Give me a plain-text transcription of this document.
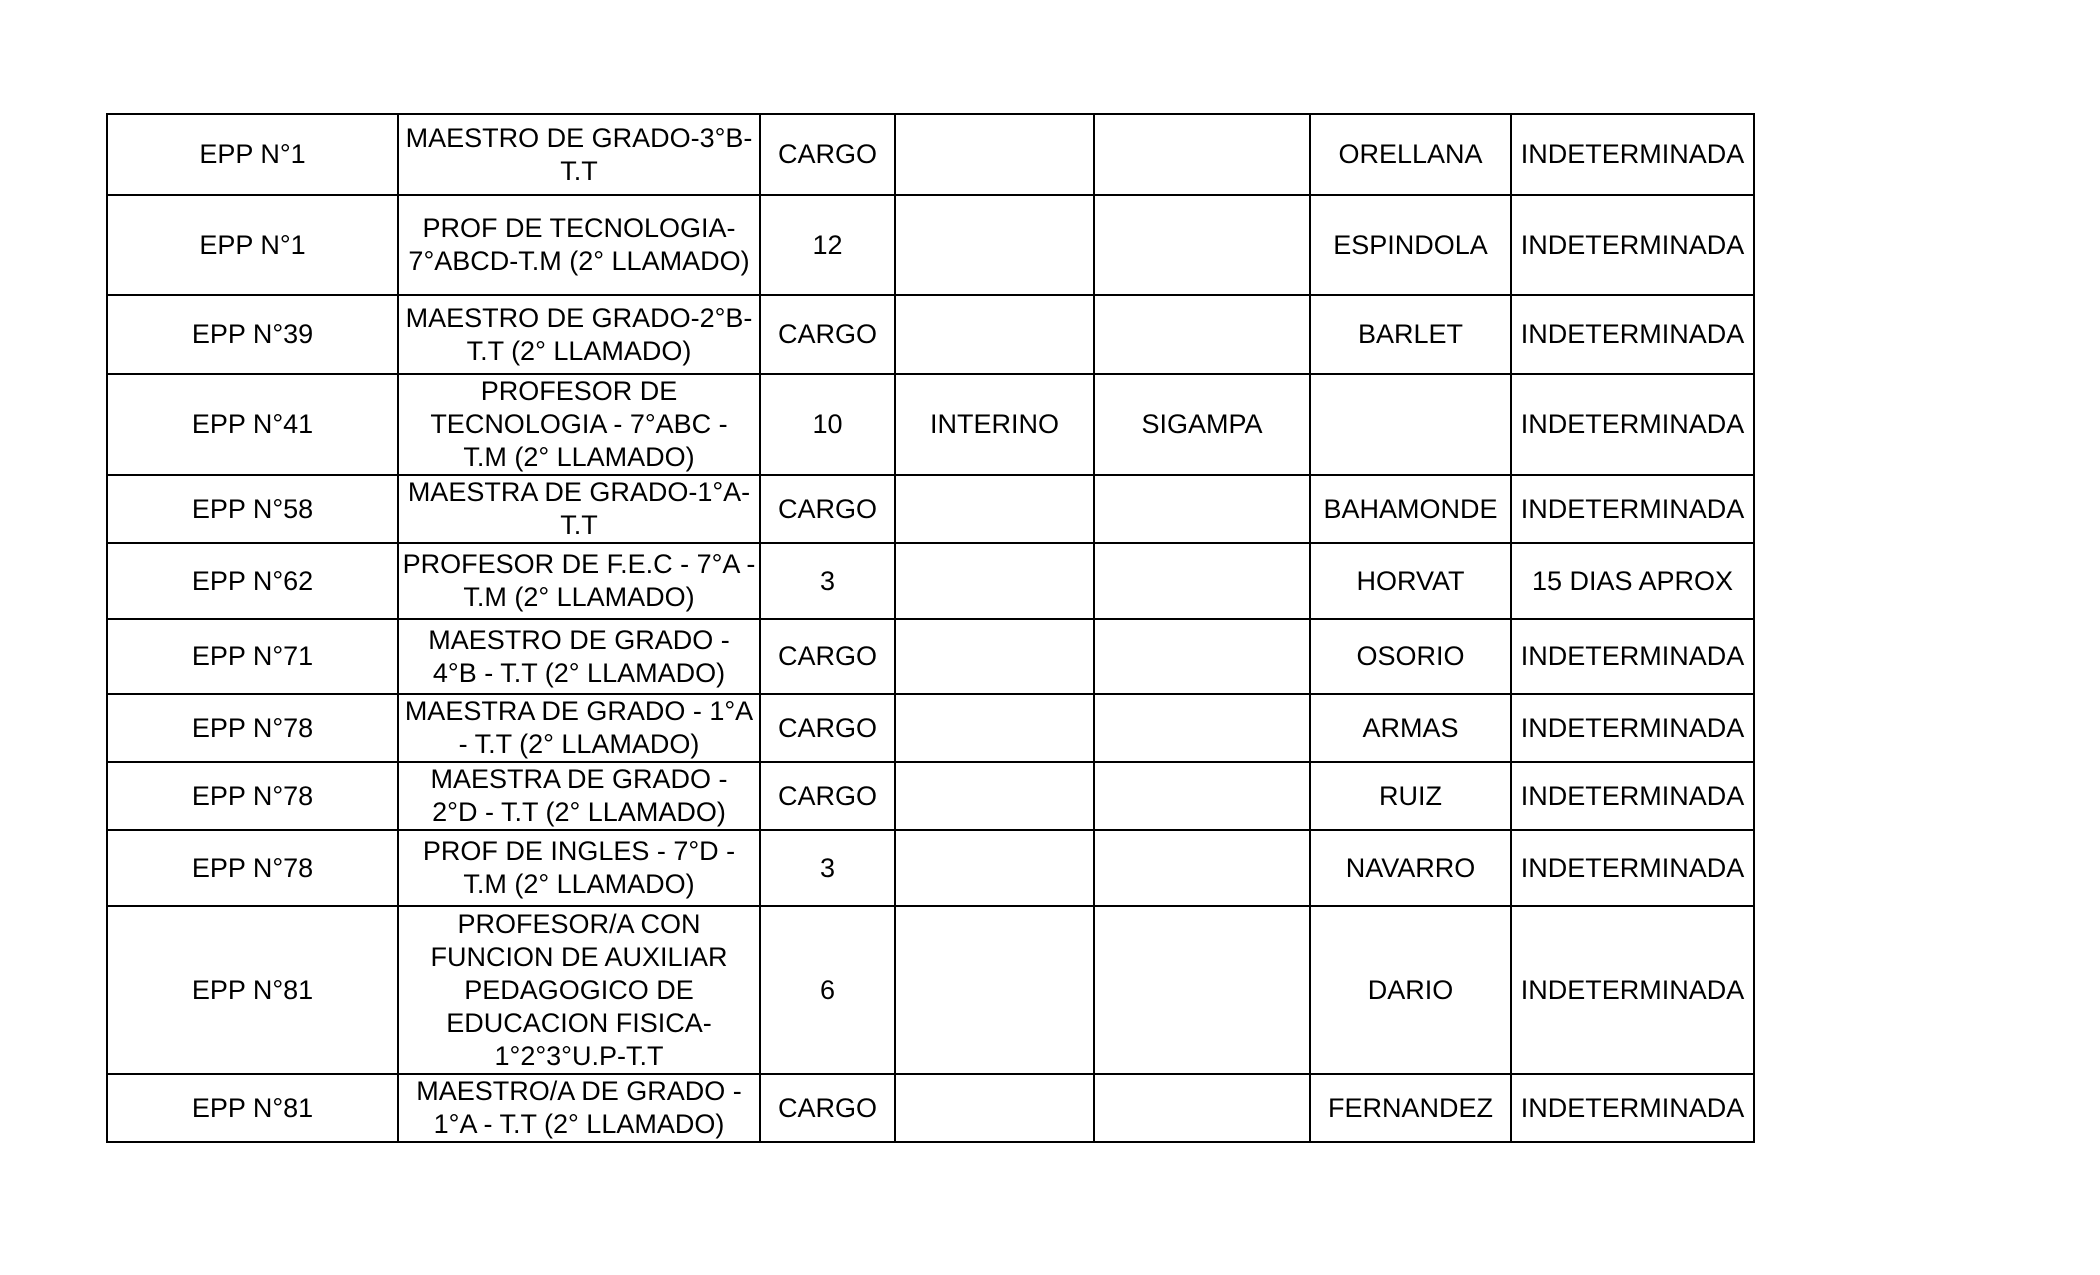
EPP N°1	MAESTRO DE GRADO-3°B-
T.T	CARGO			ORELLANA	INDETERMINADA
EPP N°1	PROF DE TECNOLOGIA-
7°ABCD-T.M (2° LLAMADO)	12			ESPINDOLA	INDETERMINADA
EPP N°39	MAESTRO DE GRADO-2°B-
T.T (2° LLAMADO)	CARGO			BARLET	INDETERMINADA
EPP N°41	PROFESOR DE
TECNOLOGIA - 7°ABC -
T.M (2° LLAMADO)	10	INTERINO	SIGAMPA		INDETERMINADA
EPP N°58	MAESTRA DE GRADO-1°A-
T.T	CARGO			BAHAMONDE	INDETERMINADA
EPP N°62	PROFESOR DE F.E.C - 7°A -
T.M (2° LLAMADO)	3			HORVAT	15 DIAS APROX
EPP N°71	MAESTRO DE GRADO -
4°B - T.T (2° LLAMADO)	CARGO			OSORIO	INDETERMINADA
EPP N°78	MAESTRA DE GRADO - 1°A
- T.T (2° LLAMADO)	CARGO			ARMAS	INDETERMINADA
EPP N°78	MAESTRA DE GRADO -
2°D - T.T (2° LLAMADO)	CARGO			RUIZ	INDETERMINADA
EPP N°78	PROF DE INGLES - 7°D -
T.M (2° LLAMADO)	3			NAVARRO	INDETERMINADA
EPP N°81	PROFESOR/A CON
FUNCION DE AUXILIAR
PEDAGOGICO DE
EDUCACION FISICA-
1°2°3°U.P-T.T	6			DARIO	INDETERMINADA
EPP N°81	MAESTRO/A DE GRADO -
1°A - T.T (2° LLAMADO)	CARGO			FERNANDEZ	INDETERMINADA
